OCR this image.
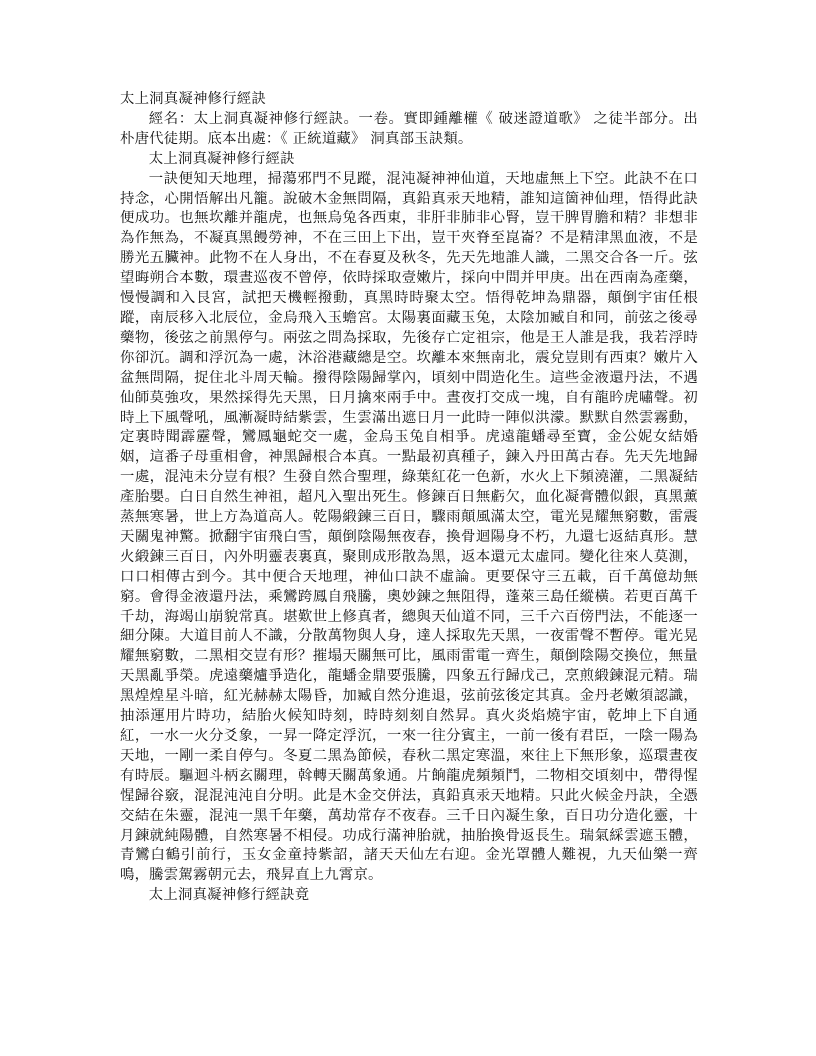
太上洞真凝神修行經訣

經名：太上洞真凝神修行經訣。一卷。實即鍾離權《 破迷證道歌》 之徒半部分。出朴唐代徒期。底本出處：《 正統道藏》 洞真部玉訣類。

太上洞真凝神修行經訣

一訣便知天地理，掃蕩邪門不見蹤，混沌凝神神仙道，天地虛無上下空。此訣不在口持念，心開悟解出凡籠。說破木金無問隔，真鉛真汞天地精，誰知這箇神仙理，悟得此訣便成功。也無坎離并龍虎，也無烏兔各西東，非肝非肺非心腎，豈干脾胃膽和精？非想非為作無為，不凝真黑饅勞神，不在三田上下出，豈干夾脊至崑崙？不是精津黑血液，不是勝光五臟神。此物不在人身出，不在春夏及秋冬，先天先地誰人識，二黑交合各一斤。弦望晦朔合本數，環晝巡夜不曾停，依時採取壹嫩片，採向中問并甲庚。出在西南為產藥，慢慢調和入艮宮，試把天機輕撥動，真黑時時聚太空。悟得乾坤為鼎器，顛倒宇宙任根蹤，南辰移入北辰位，金烏飛入玉蟾宮。太陽裏面藏玉兔，太陰加臧自和同，前弦之後尋藥物，後弦之前黑停勻。兩弦之問為採取，先後存亡定祖宗，他是王人誰是我，我若浮時你卻沉。調和浮沉為一處，沐浴港藏總是空。坎離本來無南北，震兌豈則有西東？嫩片入盆無問隔，捉住北斗周天輪。撥得陰陽歸掌內，頃刻中問造化生。這些金液還丹法，不遇仙師莫強攻，果然採得先天黑，日月擒來兩手中。晝夜打交成一塊，自有龍昑虎嘯聲。初時上下風聲吼，風漸凝時結紫雲，生雲滿出遮日月一此時一陣似洪濛。默默自然雲霧動，定裏時聞霹靂聲，鸞鳳龜蛇交一處，金烏玉兔自相爭。虎遠龍蟠尋至寶，金公妮女結婚姻，這番子母重相會，神黑歸根合本真。一點最初真種子，鍊入丹田萬古春。先天先地歸一處，混沌未分豈有根？生發自然合聖理，綠葉紅花一色新，水火上下頻澆灌，二黑凝結產胎嬰。白日自然生神祖，超凡入聖出死生。修鍊百日無虧欠，血化凝膏體似銀，真黑薰蒸無寒暑，世上方為道高人。乾陽緞鍊三百日，驟雨顛風滿太空，電光晃耀無窮數，雷震天關鬼神驚。掀翻宇宙飛白雪，顛倒陰陽無夜春，換骨迴陽身不朽，九還七返結真形。慧火緞鍊三百日，內外明靈表裏真，聚則成形散為黑，返本還元太虛同。變化往來人莫測，口口相傳古到今。其中便合天地理，神仙口訣不虛論。更要保守三五載，百千萬億劫無窮。會得金液還丹法，乘鸞跨鳳自飛騰，奧妙鍊之無阻得，蓬萊三島任縱橫。若更百萬千千劫，海竭山崩貌常真。堪歎世上修真者，總與天仙道不同，三千六百傍門法，不能逐一細分陳。大道目前人不識，分散萬物與人身，達人採取先天黑，一夜雷聲不暫停。電光晃耀無窮數，二黑相交豈有形？摧塌天關無可比，風雨雷電一齊生，顛倒陰陽交換位，無量天黑亂爭榮。虎遠藥爐爭造化，龍蟠金鼎要張騰，四象五行歸戊己，烹煎緞鍊混元精。瑞黑煌煌星斗暗，紅光赫赫太陽昏，加臧自然分進退，弦前弦後定其真。金丹老嫩須認識，抽添運用片時功，結胎火候知時刻，時時刻刻自然昇。真火炎焰燒宇宙，乾坤上下自通紅，一水一火分爻象，一昇一降定浮沉，一來一往分賓主，一前一後有君臣，一陰一陽為天地，一剛一柔自停勻。冬夏二黑為節候，春秋二黑定寒溫，來往上下無形象，巡環晝夜有時辰。驅迴斗柄玄關理，斡轉天關萬象通。片餉龍虎頻頻鬥，二物相交頃刻中，帶得惺惺歸谷竅，混混沌沌自分明。此是木金交併法，真鉛真汞天地精。只此火候金丹訣，全憑交結在朱靈，混沌一黑千年藥，萬劫常存不夜春。三千日內凝生象，百日功分造化靈，十月鍊就純陽體，自然寒暑不相侵。功成行滿神胎就，抽胎換骨返長生。瑞氣綵雲遮玉體，青鸞白鶴引前行，玉女金童持紫詔，諸天天仙左右迎。金光罩體人難視，九天仙樂一齊鳴，騰雲駕霧朝元去，飛昇直上九霄京。

太上洞真凝神修行經訣竟
